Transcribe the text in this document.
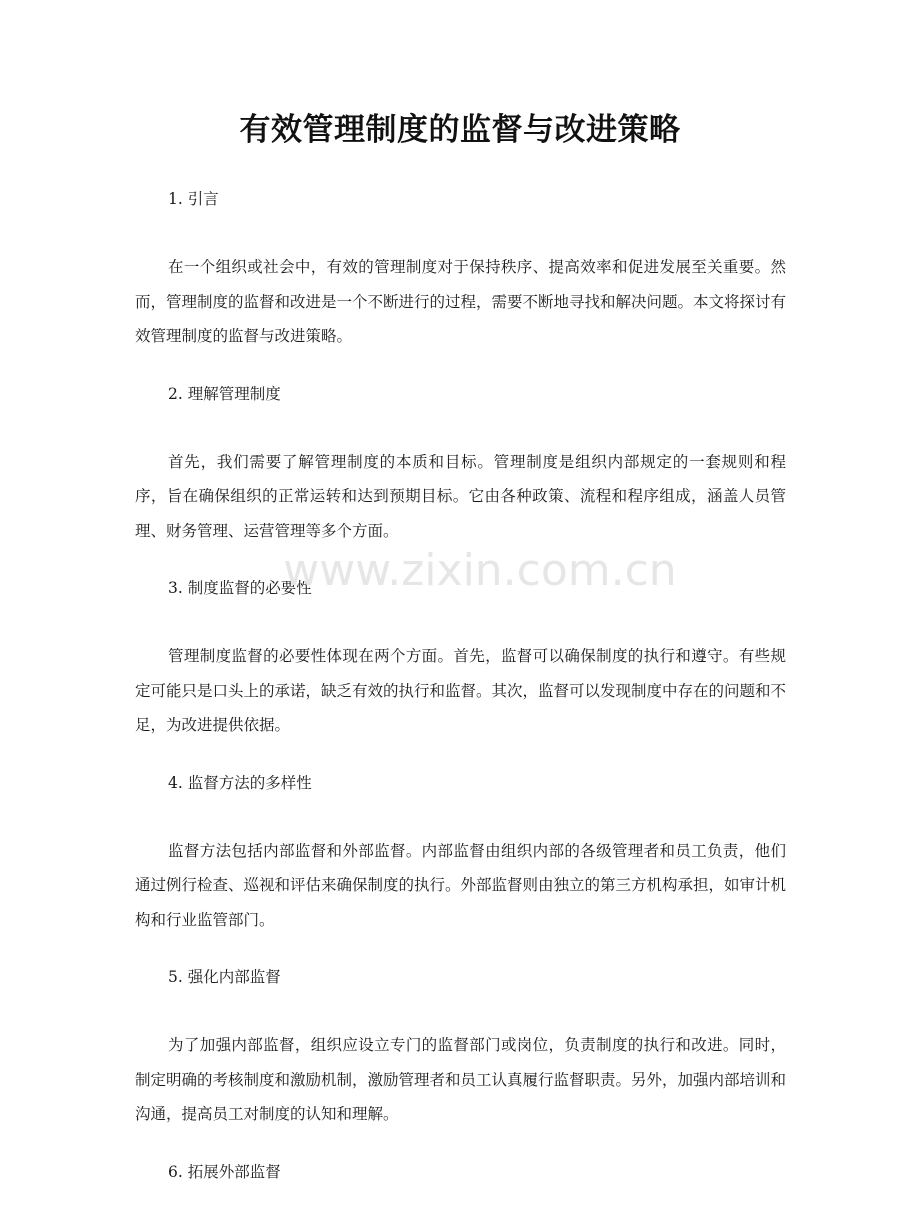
有效管理制度的监督与改进策略

1. 引言

在一个组织或社会中，有效的管理制度对于保持秩序、提高效率和促进发展至关重要。然而，管理制度的监督和改进是一个不断进行的过程，需要不断地寻找和解决问题。本文将探讨有效管理制度的监督与改进策略。

2. 理解管理制度

首先，我们需要了解管理制度的本质和目标。管理制度是组织内部规定的一套规则和程序，旨在确保组织的正常运转和达到预期目标。它由各种政策、流程和程序组成，涵盖人员管理、财务管理、运营管理等多个方面。

3. 制度监督的必要性

管理制度监督的必要性体现在两个方面。首先，监督可以确保制度的执行和遵守。有些规定可能只是口头上的承诺，缺乏有效的执行和监督。其次，监督可以发现制度中存在的问题和不足，为改进提供依据。

4. 监督方法的多样性

监督方法包括内部监督和外部监督。内部监督由组织内部的各级管理者和员工负责，他们通过例行检查、巡视和评估来确保制度的执行。外部监督则由独立的第三方机构承担，如审计机构和行业监管部门。

5. 强化内部监督

为了加强内部监督，组织应设立专门的监督部门或岗位，负责制度的执行和改进。同时，制定明确的考核制度和激励机制，激励管理者和员工认真履行监督职责。另外，加强内部培训和沟通，提高员工对制度的认知和理解。

6. 拓展外部监督

www.zixin.com.cn
